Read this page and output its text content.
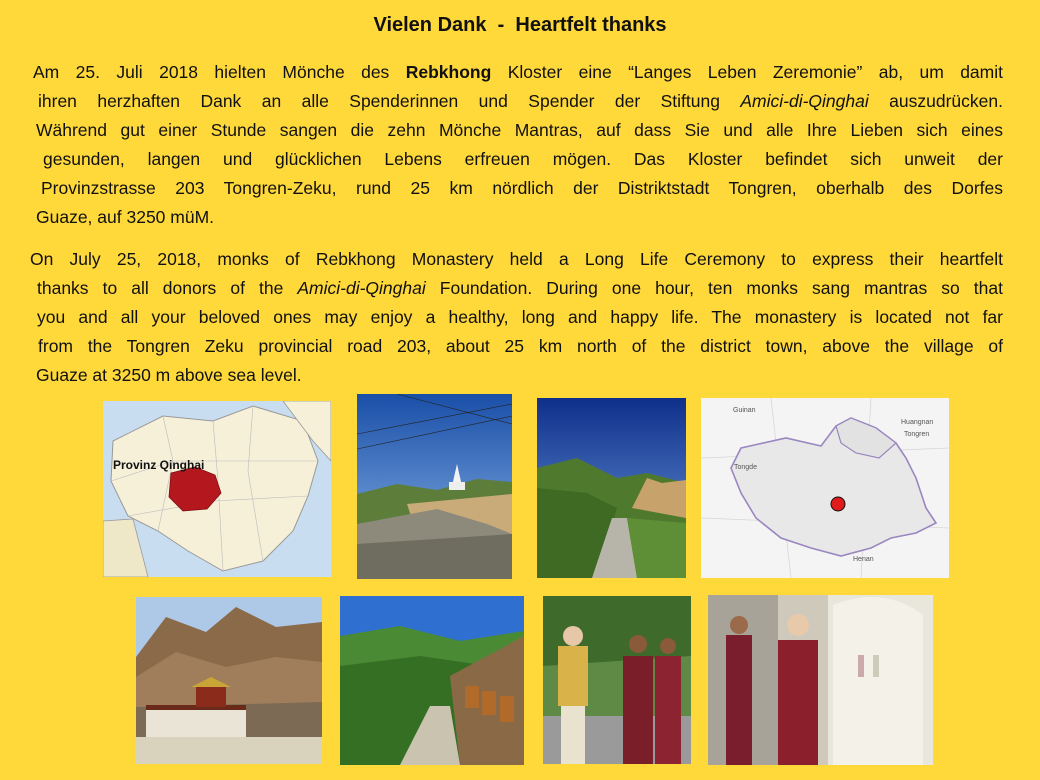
Vielen Dank  -  Heartfelt thanks
Am 25. Juli 2018 hielten Mönche des Rebkhong Kloster eine “Langes Leben Zeremonie” ab, um damit
ihren herzhaften Dank an alle Spenderinnen und Spender der Stiftung Amici-di-Qinghai auszudrücken.
Während gut einer Stunde sangen die zehn Mönche Mantras, auf dass Sie und alle Ihre Lieben sich eines
gesunden, langen und glücklichen Lebens erfreuen mögen. Das Kloster befindet sich unweit der
Provinzstrasse 203 Tongren-Zeku, rund 25 km nördlich der Distriktstadt Tongren, oberhalb des Dorfes
Guaze, auf 3250 müM.
On July 25, 2018, monks of Rebkhong Monastery held a Long Life Ceremony to express their heartfelt
thanks to all donors of the Amici-di-Qinghai Foundation. During one hour, ten monks sang mantras so that
you and all your beloved ones may enjoy a healthy, long and happy life. The monastery is located not far
from the Tongren Zeku provincial road 203, about 25 km north of the district town, above the village of
Guaze at 3250 m above sea level.
Provinz Qinghai
Guinan
Huangnan
Tongren
Tongde
Henan
